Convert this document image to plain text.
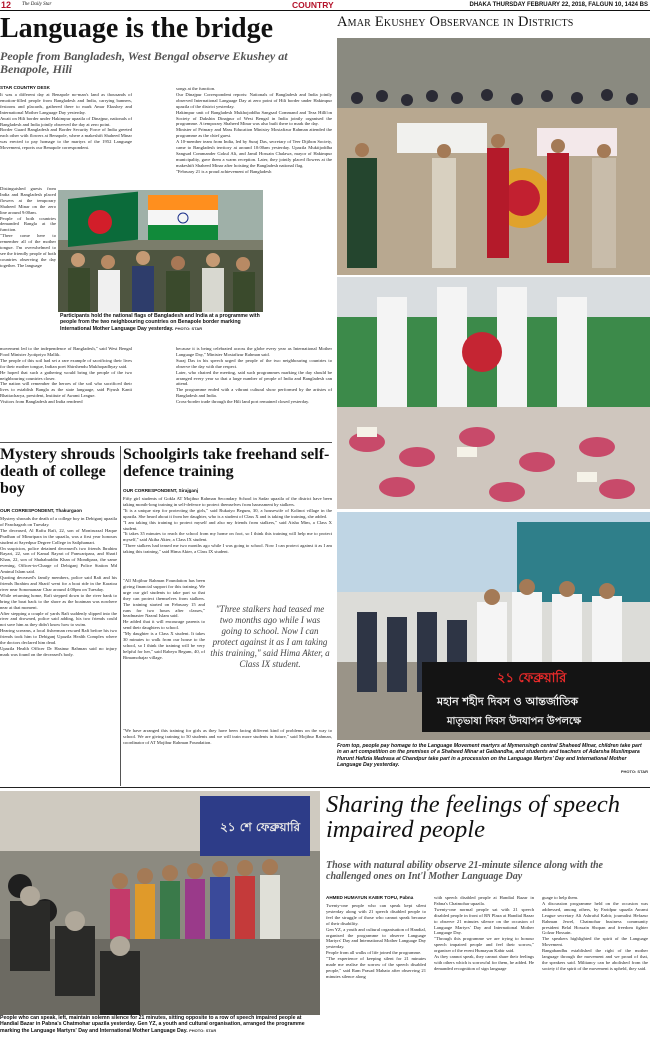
12 The Daily Star	COUNTRY	DHAKA THURSDAY FEBRUARY 22, 2018, FALGUN 10, 1424 BS
Language is the bridge
People from Bangladesh, West Bengal observe Ekushey at Benapole, Hili
STAR COUNTRY DESK
It was a different day at Benapole no-man's land as thousands of emotion-filled people from Bangladesh and India, carrying banners, festoons and placards, gathered there to mark Amar Ekushey and International Mother Language Day yesterday.
Await on Hili border under Hakimpur upazila of Dinajpur, nationals of Bangladesh and India jointly observed the day at zero point.
Border Guard Bangladesh and Border Security Force of India greeted each other with flowers at Benapole, where a makeshift Shaheed Minar was erected to pay homage to the martyrs of the 1952 Language Movement, reports our Benapole correspondent.
Distinguished guests from India and Bangladesh placed flowers at the temporary Shaheed Minar on the zero line around 9:00am.
People of both countries demanded Bangla at the function.
"There come here to remember all of the mother tongue. I'm overwhelmed to see the friendly people of both countries observing the day together. The language
Participants hold the national flags of Bangladesh and India at a programme with people from the two neighbouring countries on Benapole border marking International Mother Language Day yesterday. PHOTO: STAR
movement led to the independence of Bangladesh," said West Bengal Food Minister Jyotipriyo Mallik.
The people of this soil had set a rare example of sacrificing their lives for their mother tongue, Indian poet Shirshendu Mukhopadhyay said.
He hoped that such a gathering would bring the people of the two neighbouring countries closer.
The nation will remember the heroes of the soil who sacrificed their lives to establish Bangla as the state language, said Piyush Kanti Bhattacharya, president, Institute of Awami League.
Visitors from Bangladesh and India rendered
songs at the function.
Our Dinajpur Correspondent reports: Nationals of Bangladesh and India jointly observed International Language Day at zero point of Hili border under Hakimpur upazila of the district yesterday.
Hakimpur unit of Bangladesh Mukhojoddha Sangsad Command and Teza Hilli'on Society of Dakshin Dinajpur of West Bengal in India jointly organised the programme. A temporary Shaheed Minar was also built there to mark the day.
Minister of Primary and Mass Education Ministry Mostafizur Rahman attended the programme as the chief guest.
A 10-member team from India, led by Suraj Das, secretary of Teer Dijibon Society, came to Bangladesh territory at around 10:00am yesterday. Upazila Muktijoddha Sangsad Commander Gokul Ali, and Jamil Hossain Chalawa, mayor of Hakimpur municipality, gave them a warm reception. Later, they jointly placed flowers at the makeshift Shaheed Minar after hoisting the Bangladesh national flag.
"February 21 is a proud achievement of Bangladesh

because it is being celebrated across the globe every year as International Mother Language Day," Minister Mostafizur Rahman said.
Suraj Das in his speech urged the people of the two neighbouring countries to observe the day with due respect.
Later, who chaired the meeting, said such programmes marking the day should be arranged every year so that a large number of people of India and Bangladesh can attend.
The programme ended with a vibrant cultural show performed by the artistes of Bangladesh and India.
Cross-border trade through the Hili land port remained closed yesterday.
Amar Ekushey Observance in Districts
২১ ফেব্রুয়ারি
মহান শহীদ দিবস ও আন্তর্জাতিক
মাতৃভাষা দিবস উদযাপন উপলক্ষে
From top, people pay homage to the Language Movement martyrs at Mymensingh central Shaheed Minar, children take part in an art competition on the premises of a Shaheed Minar at Gaibandha, and students and teachers of Adarsha Muslimpara Hurunt Hafizia Madrasa at Chandpur take part in a procession on the Language Martyrs' Day and International Mother Language Day yesterday.
PHOTO: STAR
Mystery shrouds death of college boy
OUR CORRESPONDENT, Thakurgaon
Mystery shrouds the death of a college boy in Debiganj upazila of Panchagarh on Tuesday.
The deceased, Al Rafiu Rafi, 22, son of Moniruzzal Haque Pradhan of Mimripara in the upazila, was a first year honours student at Sayedpur Degree College in Sailphamari.
On suspicion, police detained deceased's two friends Ibrahim Rayari, 22, son of Kamal Rayari of Panwaripara, and Sharif Khan, 22, son of Shahabuddin Khan of Mondipara, the same evening, Officer-in-Charge of Debiganj Police Station Md Aminul Islam said.
Quoting deceased's family members, police said Rafi and his friends Ibrahim and Sharif went for a boat ride in the Karatoa river near Sonomanzar Char around 4:00pm on Tuesday.
While returning home, Rafi stepped down to the river bank to bring the boat back to the shore as the boatman was nowhere near at that moment.
After stepping a couple of yards Rafi suddenly slipped into the river and drowned, police said adding, his two friends could not save him as they didn't know how to swim.
Hearing screams, a local fisherman rescued Rafi before his two friends took him to Debiganj Upazila Health Complex where the doctors declared him dead.
Upazila Health Officer Dr Hasinur Rahman said no injury mark was found on the deceased's body.
Schoolgirls take freehand self-defence training
OUR CORRESPONDENT, Sirajganj
Fifty girl students of Gokla AT Mojibur Rahman Secondary School in Sadar upazila of the district have been taking month-long training in self-defence to protect themselves from harassment by stalkers.
"It is a unique step for protecting the girls," said Rukaiyo Begum, 30, a housewife of Kolinot village in the upazila. She heard about it from her daughter, who is a student of Class X and is taking the training, she added.
"I am taking this training to protect myself and also my friends from stalkers," said Aisha Mim, a Class X student.
"It takes 35 minutes to reach the school from my home on foot, so I think this training will help me to protect myself," said Akiba Akter, a Class IX student.
"Three stalkers had teased me two months ago while I was going to school. Now I can protect against it as I am taking this training," said Hima Akter, a Class IX student.
"All Mojibur Rahman Foundation has been giving financial support for this training. We urge our girl students to take part so that they can protect themselves from stalkers. The training started on February 15 and runs for two hours after classes," headmaster Nazrul Islam said.
He added that it will encourage parents to send their daughters to school.
"My daughter is a Class X student. It takes 30 minutes to walk from our house to the school, so I think the training will be very helpful for her," said Rabeya Begum, 40, of Bimamobajar village.
"Three stalkers had teased me two months ago while I was going to school. Now I can protect against it as I am taking this training," said Hima Akter, a Class IX student.
"We have arranged this training for girls as they have been facing different kind of problems on the way to school. We are giving training to 50 students and we will train more students in future," said Mojibur Rahman, coordinator of AT Mojibur Rahman Foundation.
২১ শে ফেব্রুয়ারি
People who can speak, left, maintain solemn silence for 21 minutes, sitting opposite to a row of speech impaired people at Handial Bazar in Pabna's Chatmohar upazila yesterday. Gen YZ, a youth and cultural organisation, arranged the programme marking the Language Martyrs' Day and International Mother Language Day. PHOTO: STAR
Sharing the feelings of speech impaired people
Those with natural ability observe 21-minute silence along with the challenged ones on Int'l Mother Language Day
AHMED HUMAYUN KABIR TOPU, Pabna
Twenty-one people who can speak kept silent yesterday along with 21 speech disabled people to feel the struggle of those who cannot speak because of their disability.
Gen YZ, a youth and cultural organisation of Handial, organised the programme to observe Language Martyrs' Day and International Mother Language Day yesterday.
People from all walks of life joined the programme.
"The experience of keeping silent for 21 minutes made me realise the sorrow of the speech disabled people," said Ram Prasad Mahato after observing 21 minutes silence along
with speech disabled people at Handial Bazar in Pabna's Chatmohar upazila.
Twenty-one normal people sat with 21 speech disabled people in front of RN Plaza at Handial Bazar to observe 21 minutes silence on the occasion of Language Martyrs' Day and International Mother Language Day.
"Through this programme we are trying to honour speech impaired people and feel their sorrow," organiser of the event Humayun Kabir said.
As they cannot speak, they cannot share their feelings with others which is sorrowful for them, he added. He demanded recognition of sign language
guage to help them.
A discussion programme held on the occasion was addressed, among others, by Faridpur upazila Awami League secretary Ali Ashraful Kabir, journalist Hefazur Rahman Jewel, Chatmohar business community president Belal Hossain Shopan and freedom fighter Golzar Hossain.
The speakers highlighted the spirit of the Language Movement.
Bangabandhu established the right of the mother language through the movement and we proud of that, the speakers said. Militancy can be abolished from the society if the spirit of the movement is upheld, they said.
